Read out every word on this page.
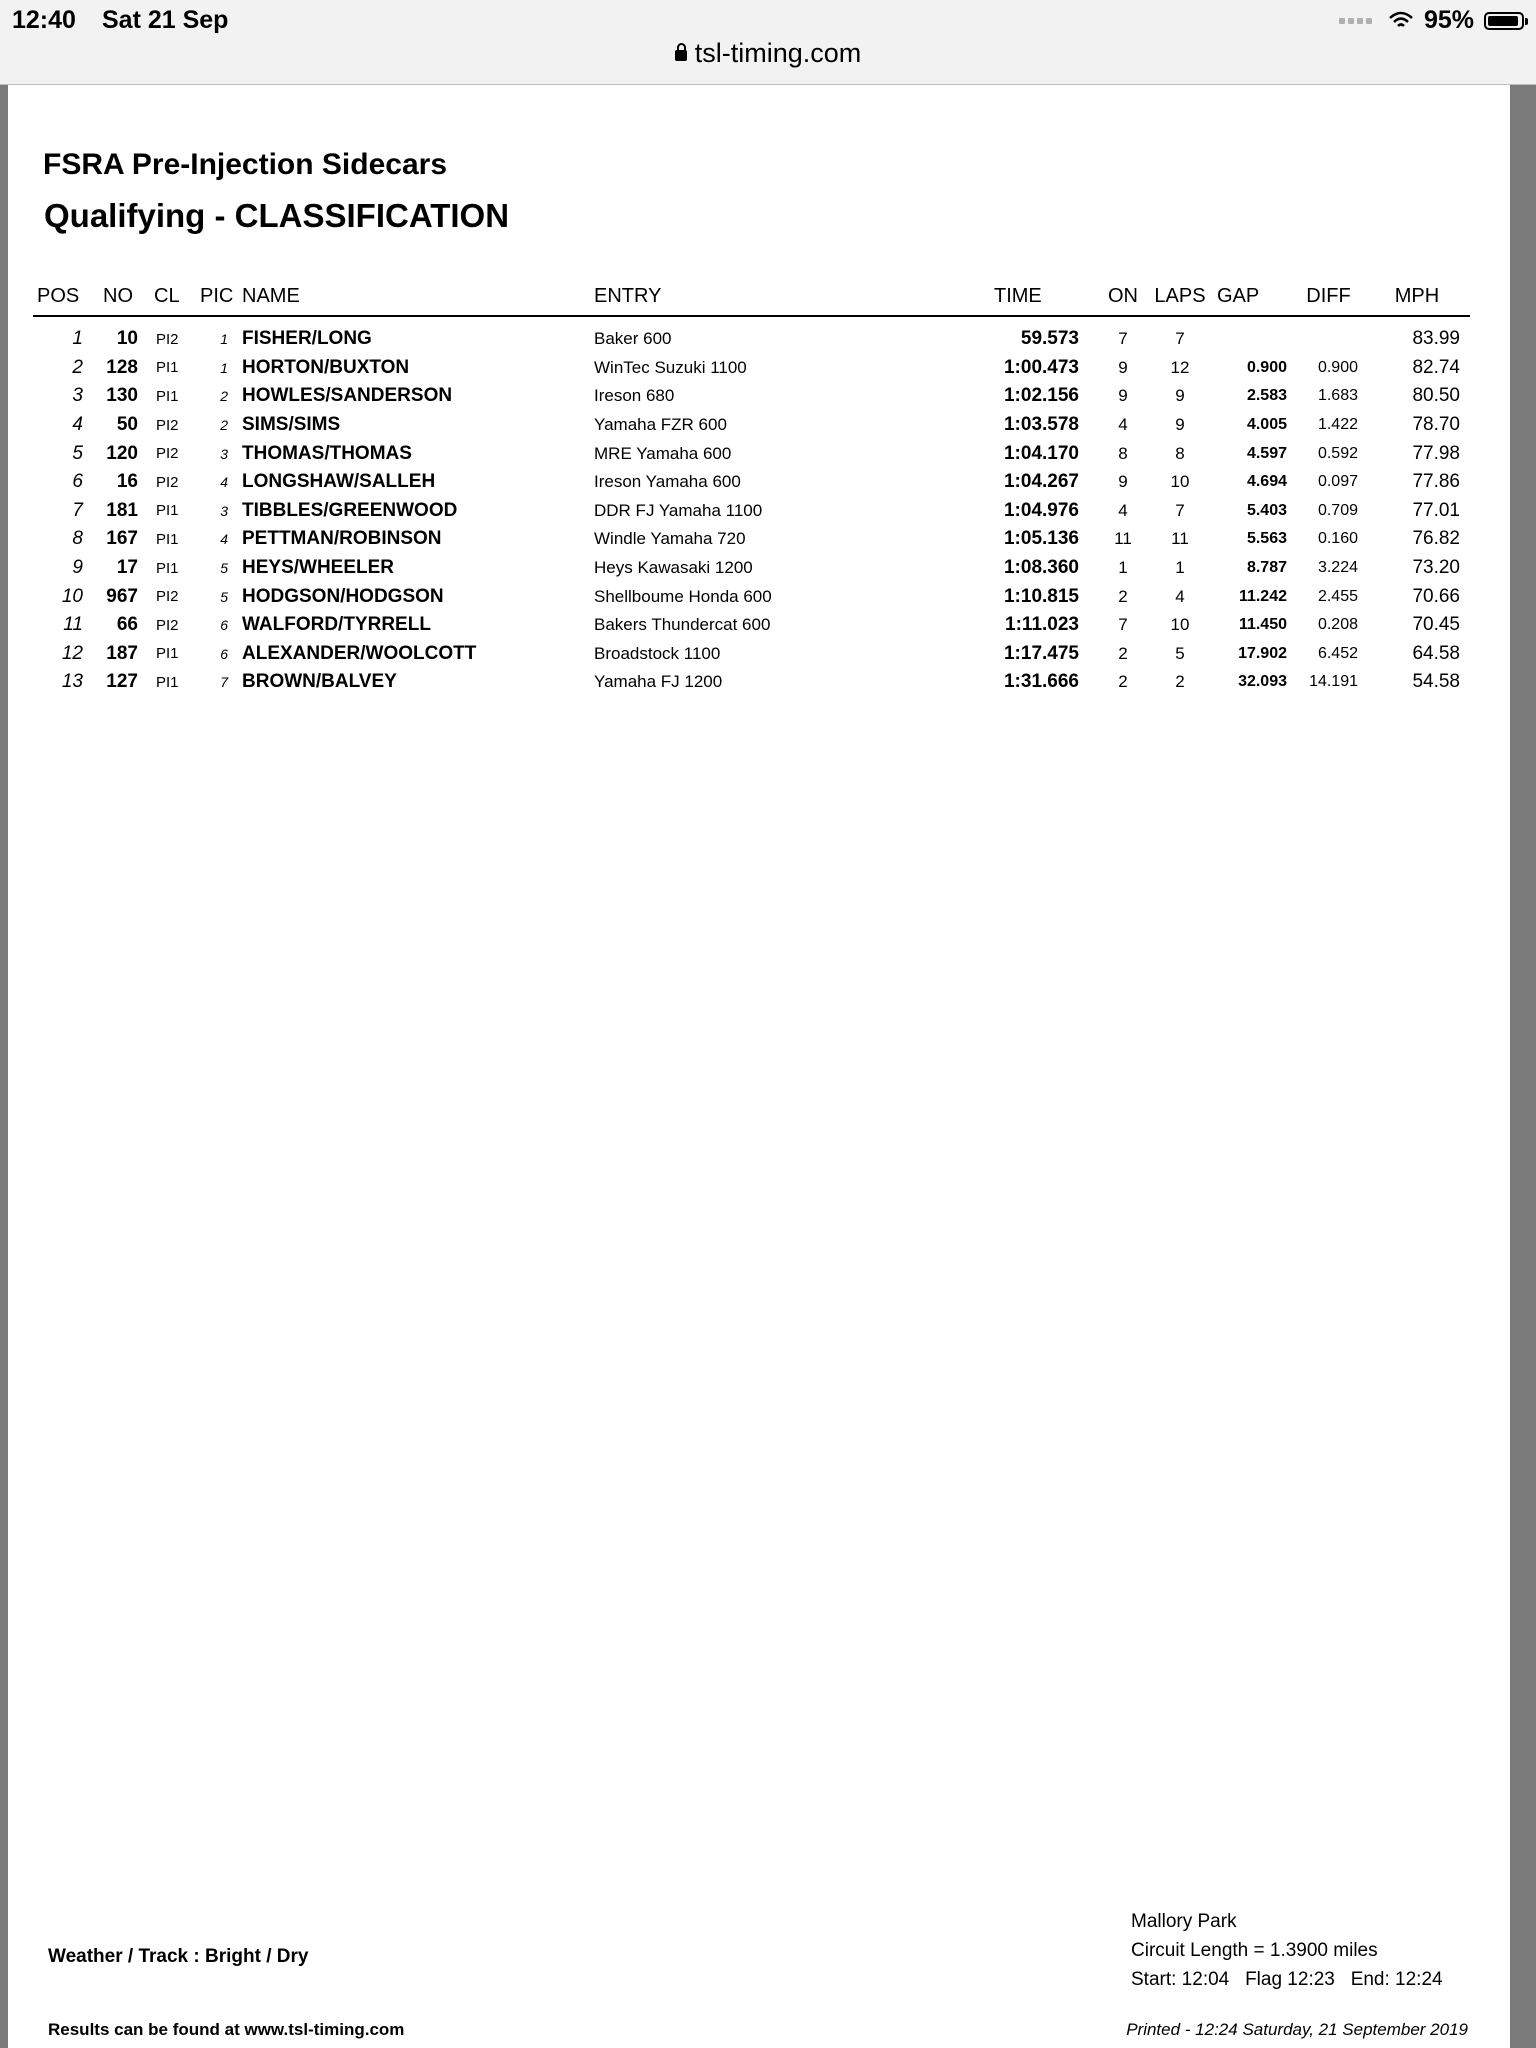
12:40 Sat 21 Sep
tsl-timing.com
95%
FSRA Pre-Injection Sidecars
Qualifying - CLASSIFICATION
POS	NO	CL	PIC	NAME	ENTRY	TIME	ON	LAPS	GAP	DIFF	MPH
1	10	PI2	1	FISHER/LONG	Baker 600	59.573	7	7			83.99
2	128	PI1	1	HORTON/BUXTON	WinTec Suzuki 1100	1:00.473	9	12	0.900	0.900	82.74
3	130	PI1	2	HOWLES/SANDERSON	Ireson 680	1:02.156	9	9	2.583	1.683	80.50
4	50	PI2	2	SIMS/SIMS	Yamaha FZR 600	1:03.578	4	9	4.005	1.422	78.70
5	120	PI2	3	THOMAS/THOMAS	MRE Yamaha 600	1:04.170	8	8	4.597	0.592	77.98
6	16	PI2	4	LONGSHAW/SALLEH	Ireson Yamaha 600	1:04.267	9	10	4.694	0.097	77.86
7	181	PI1	3	TIBBLES/GREENWOOD	DDR FJ Yamaha 1100	1:04.976	4	7	5.403	0.709	77.01
8	167	PI1	4	PETTMAN/ROBINSON	Windle Yamaha 720	1:05.136	11	11	5.563	0.160	76.82
9	17	PI1	5	HEYS/WHEELER	Heys Kawasaki 1200	1:08.360	1	1	8.787	3.224	73.20
10	967	PI2	5	HODGSON/HODGSON	Shellboume Honda 600	1:10.815	2	4	11.242	2.455	70.66
11	66	PI2	6	WALFORD/TYRRELL	Bakers Thundercat 600	1:11.023	7	10	11.450	0.208	70.45
12	187	PI1	6	ALEXANDER/WOOLCOTT	Broadstock 1100	1:17.475	2	5	17.902	6.452	64.58
13	127	PI1	7	BROWN/BALVEY	Yamaha FJ 1200	1:31.666	2	2	32.093	14.191	54.58
Weather / Track : Bright / Dry
Mallory Park
Circuit Length = 1.3900 miles
Start: 12:04   Flag 12:23   End: 12:24
Results can be found at www.tsl-timing.com	Printed - 12:24 Saturday, 21 September 2019
